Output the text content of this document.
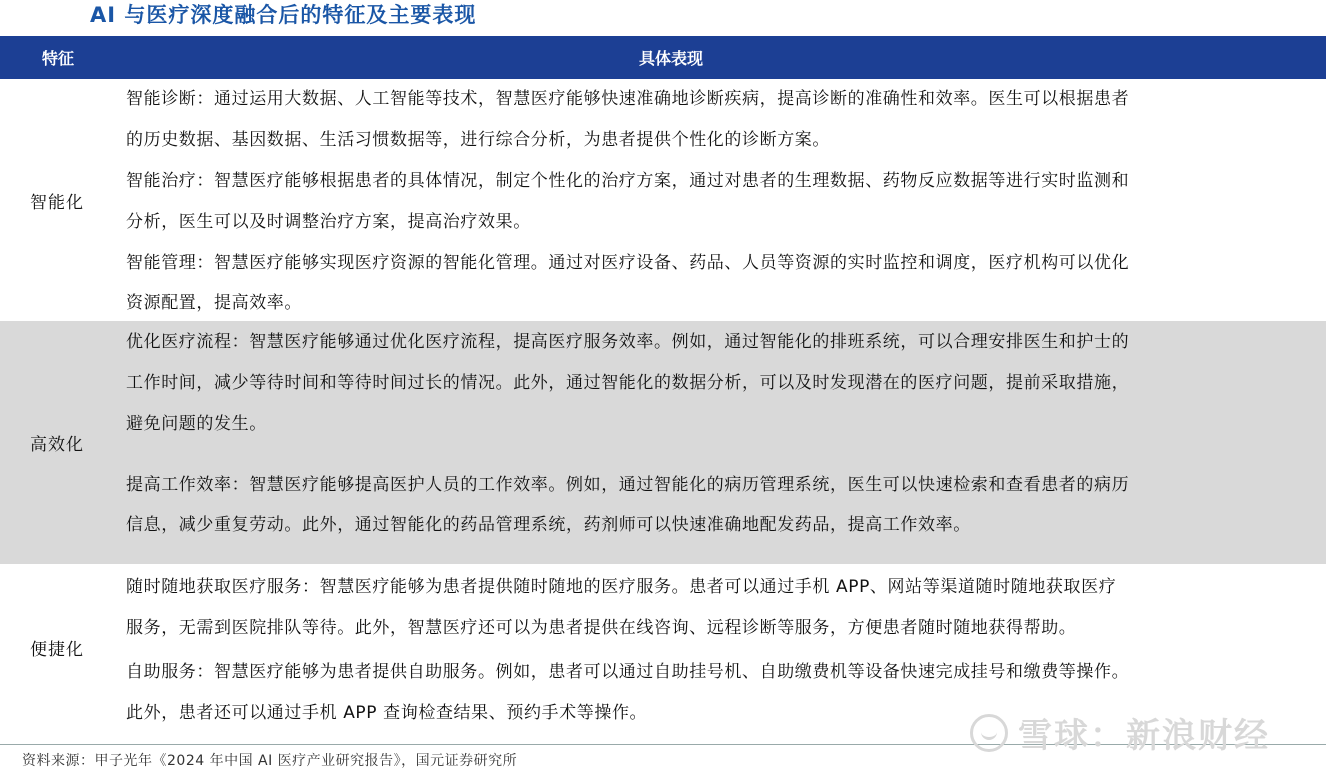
AI 与医疗深度融合后的特征及主要表现
特征	具体表现
智能化
智能诊断：通过运用大数据、人工智能等技术，智慧医疗能够快速准确地诊断疾病，提高诊断的准确性和效率。医生可以根据患者
的历史数据、基因数据、生活习惯数据等，进行综合分析，为患者提供个性化的诊断方案。
智能治疗：智慧医疗能够根据患者的具体情况，制定个性化的治疗方案，通过对患者的生理数据、药物反应数据等进行实时监测和
分析，医生可以及时调整治疗方案，提高治疗效果。
智能管理：智慧医疗能够实现医疗资源的智能化管理。通过对医疗设备、药品、人员等资源的实时监控和调度，医疗机构可以优化
资源配置，提高效率。
高效化
优化医疗流程：智慧医疗能够通过优化医疗流程，提高医疗服务效率。例如，通过智能化的排班系统，可以合理安排医生和护士的
工作时间，减少等待时间和等待时间过长的情况。此外，通过智能化的数据分析，可以及时发现潜在的医疗问题，提前采取措施，
避免问题的发生。
提高工作效率：智慧医疗能够提高医护人员的工作效率。例如，通过智能化的病历管理系统，医生可以快速检索和查看患者的病历
信息，减少重复劳动。此外，通过智能化的药品管理系统，药剂师可以快速准确地配发药品，提高工作效率。
便捷化
随时随地获取医疗服务：智慧医疗能够为患者提供随时随地的医疗服务。患者可以通过手机 APP、网站等渠道随时随地获取医疗
服务，无需到医院排队等待。此外，智慧医疗还可以为患者提供在线咨询、远程诊断等服务，方便患者随时随地获得帮助。
自助服务：智慧医疗能够为患者提供自助服务。例如，患者可以通过自助挂号机、自助缴费机等设备快速完成挂号和缴费等操作。
此外，患者还可以通过手机 APP 查询检查结果、预约手术等操作。
资料来源：甲子光年《2024 年中国 AI 医疗产业研究报告》，国元证券研究所
雪球：新浪财经
